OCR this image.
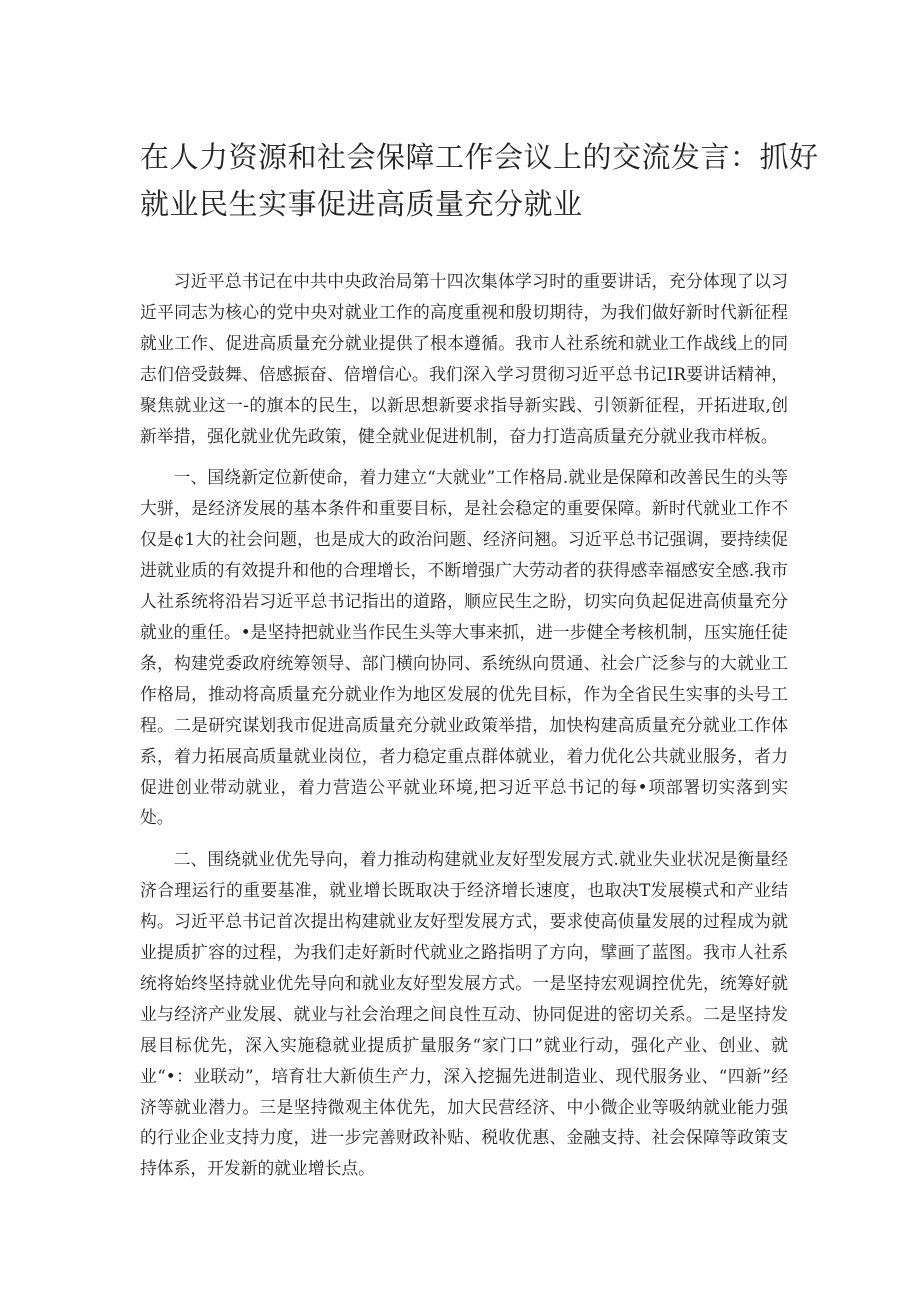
在人力资源和社会保障工作会议上的交流发言：抓好
就业民生实事促进高质量充分就业

习近平总书记在中共中央政治局第十四次集体学习时的重要讲话，充分体现了以习近平同志为核心的党中央对就业工作的高度重视和殷切期待，为我们做好新时代新征程就业工作、促进高质量充分就业提供了根本遵循。我市人社系统和就业工作战线上的同志们倍受鼓舞、倍感振奋、倍增信心。我们深入学习贯彻习近平总书记IR要讲话精神，聚焦就业这一-的旗本的民生，以新思想新要求指导新实践、引领新征程，开拓进取,创新举措，强化就业优先政策，健全就业促进机制，奋力打造高质量充分就业我市样板。

一、国绕新定位新使命，着力建立“大就业”工作格局.就业是保障和改善民生的头等大骈，是经济发展的基本条件和重要目标，是社会稳定的重要保障。新时代就业工作不仅是¢1大的社会问题，也是成大的政治问题、经济问翘。习近平总书记强调，要持续促进就业质的有效提升和他的合理增长，不断增强广大劳动者的获得感幸福感安全感.我市人社系统将沿岩习近平总书记指出的道路，顺应民生之盼，切实向负起促进高侦量充分就业的重任。•是坚持把就业当作民生头等大事来抓，进一步健全考核机制，压实施任徒条，构建党委政府统筹领导、部门横向协同、系统纵向贯通、社会广泛参与的大就业工作格局，推动将高质量充分就业作为地区发展的优先目标，作为全省民生实事的头号工程。二是研究谋划我市促进高质量充分就业政策举措，加快构建高质量充分就业工作体系，着力拓展高质量就业岗位，者力稳定重点群体就业，着力优化公共就业服务，者力促进创业带动就业，着力营造公平就业环境,把习近平总书记的每•项部署切实落到实处。

二、围绕就业优先导向，着力推动构建就业友好型发展方式.就业失业状况是衡量经济合理运行的重要基准，就业增长既取决于经济增长速度，也取决T发展模式和产业结构。习近平总书记首次提出构建就业友好型发展方式，要求使高侦量发展的过程成为就业提质扩容的过程，为我们走好新时代就业之路指明了方向，擘画了蓝图。我市人社系统将始终坚持就业优先导向和就业友好型发展方式。一是坚持宏观调控优先，统筹好就业与经济产业发展、就业与社会治理之间良性互动、协同促进的密切关系。二是坚持发展目标优先，深入实施稳就业提质扩量服务“家门口”就业行动，强化产业、创业、就业“•：业联动”，培育壮大新侦生产力，深入挖掘先进制造业、现代服务业、“四新”经济等就业潜力。三是坚持微观主体优先，加大民营经济、中小微企业等吸纳就业能力强的行业企业支持力度，进一步完善财政补贴、税收优惠、金融支持、社会保障等政策支持体系，开发新的就业增长点。
